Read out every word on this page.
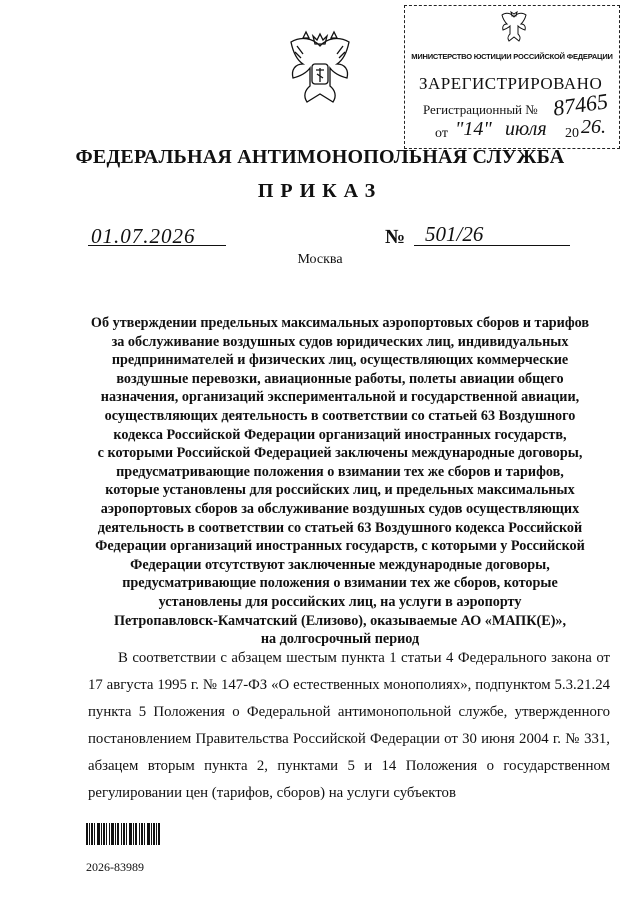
МИНИСТЕРСТВО ЮСТИЦИИ РОССИЙСКОЙ ФЕДЕРАЦИИ
ЗАРЕГИСТРИРОВАНО
Регистрационный № 87465
от "14" июля 20 26.
ФЕДЕРАЛЬНАЯ АНТИМОНОПОЛЬНАЯ СЛУЖБА
ПРИКАЗ
01.07.2026	№ 501/26
Москва
Об утверждении предельных максимальных аэропортовых сборов и тарифов
за обслуживание воздушных судов юридических лиц, индивидуальных
предпринимателей и физических лиц, осуществляющих коммерческие
воздушные перевозки, авиационные работы, полеты авиации общего
назначения, организаций экспериментальной и государственной авиации,
осуществляющих деятельность в соответствии со статьей 63 Воздушного
кодекса Российской Федерации организаций иностранных государств,
с которыми Российской Федерацией заключены международные договоры,
предусматривающие положения о взимании тех же сборов и тарифов,
которые установлены для российских лиц, и предельных максимальных
аэропортовых сборов за обслуживание воздушных судов осуществляющих
деятельность в соответствии со статьей 63 Воздушного кодекса Российской
Федерации организаций иностранных государств, с которыми у Российской
Федерации отсутствуют заключенные международные договоры,
предусматривающие положения о взимании тех же сборов, которые
установлены для российских лиц, на услуги в аэропорту
Петропавловск-Камчатский (Елизово), оказываемые АО «МАПК(Е)»,
на долгосрочный период
В соответствии с абзацем шестым пункта 1 статьи 4 Федерального закона от 17 августа 1995 г. № 147-ФЗ «О естественных монополиях», подпунктом 5.3.21.24 пункта 5 Положения о Федеральной антимонопольной службе, утвержденного постановлением Правительства Российской Федерации от 30 июня 2004 г. № 331, абзацем вторым пункта 2, пунктами 5 и 14 Положения о государственном регулировании цен (тарифов, сборов) на услуги субъектов
2026-83989
